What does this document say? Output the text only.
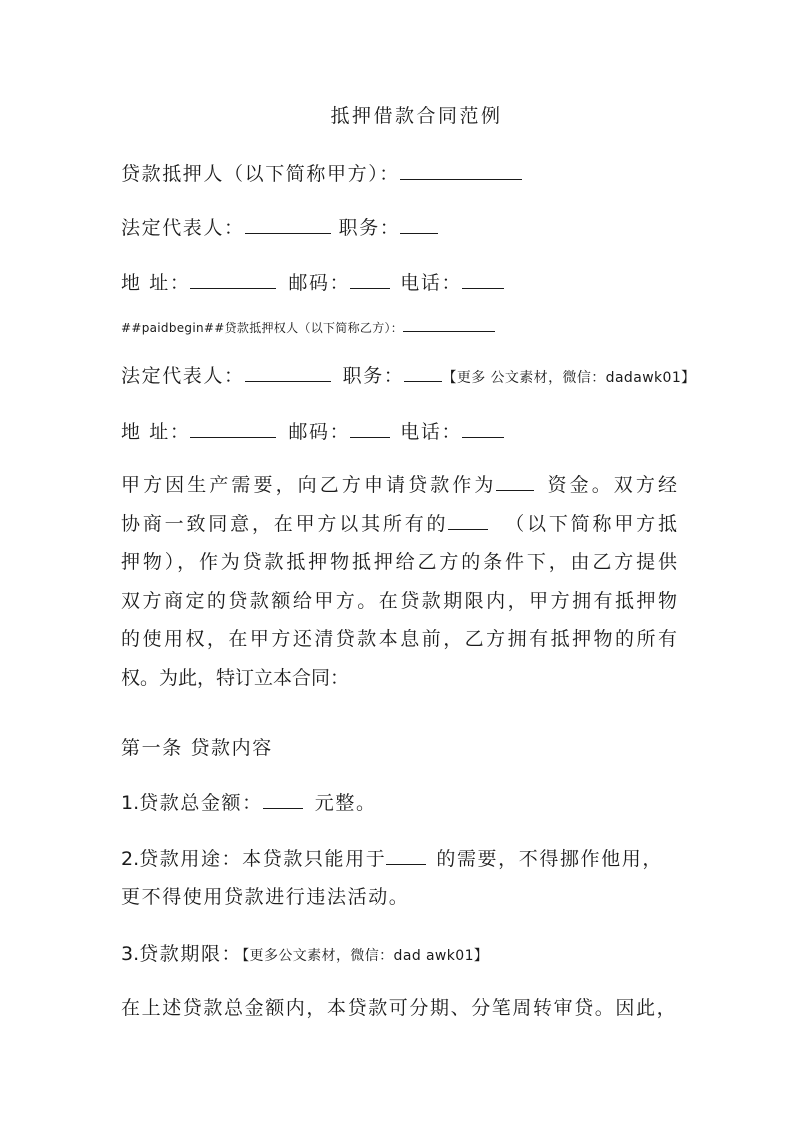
抵押借款合同范例
贷款抵押人（以下简称甲方）：
法定代表人：	职务：
地 址：	邮码：	电话：
##paidbegin##贷款抵押权人（以下简称乙方）：
法定代表人：	职务：	【更多 公文素材，微信：dadawk01】
地 址：	邮码：	电话：
甲方因生产需要，向乙方申请贷款作为	资金。双方经
协商一致同意，在甲方以其所有的	（以下简称甲方抵
押物），作为贷款抵押物抵押给乙方的条件下，由乙方提供
双方商定的贷款额给甲方。在贷款期限内，甲方拥有抵押物
的使用权，在甲方还清贷款本息前，乙方拥有抵押物的所有
权。为此，特订立本合同：
第一条 贷款内容
1.贷款总金额：	元整。
2.贷款用途：本贷款只能用于	的需要，不得挪作他用，
更不得使用贷款进行违法活动。
3.贷款期限：【更多公文素材，微信：dad awk01】
在上述贷款总金额内，本贷款可分期、分笔周转审贷。因此，
